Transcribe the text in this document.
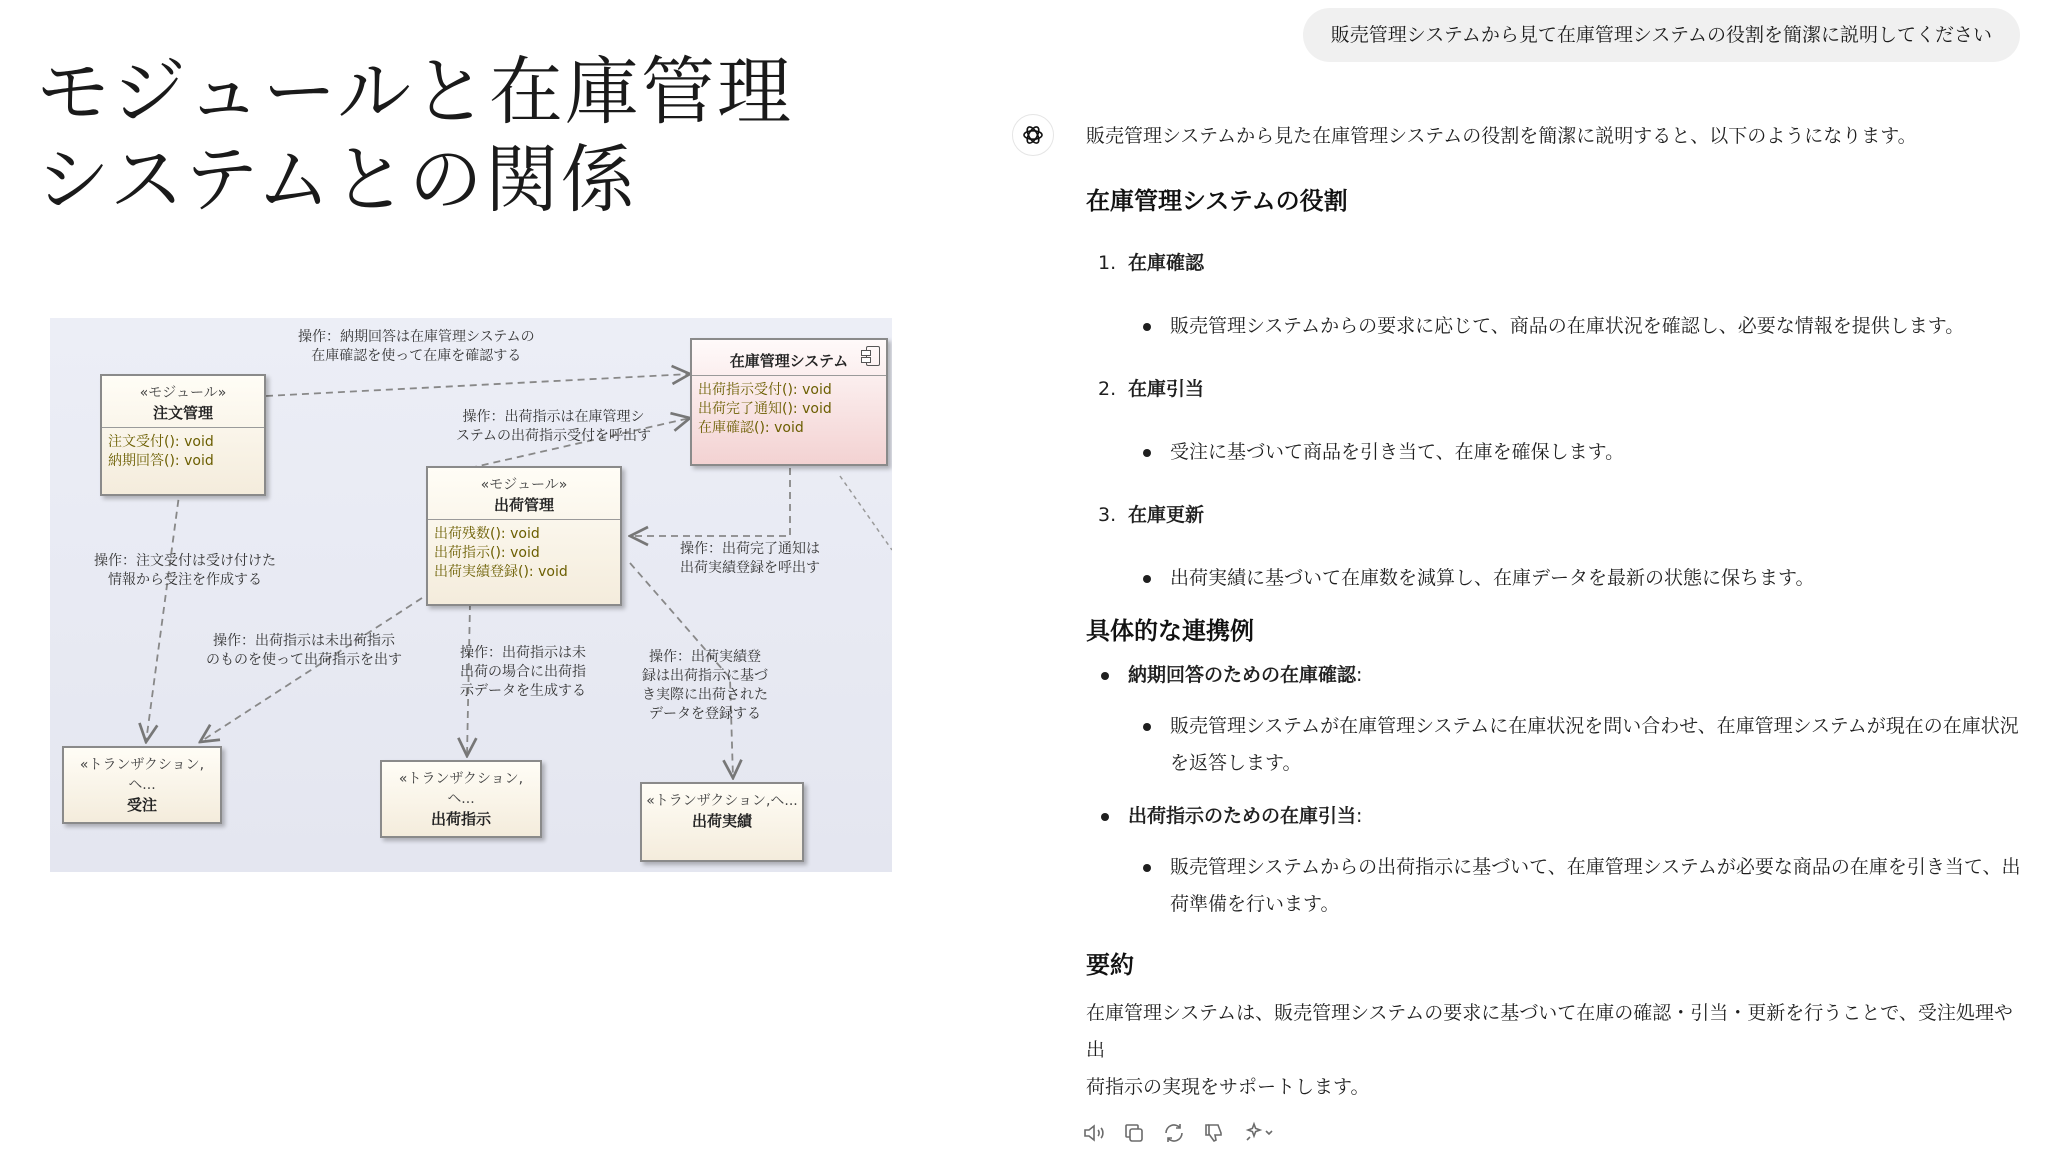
モジュールと在庫管理
システムとの関係
«モジュール»
注文管理
注文受付(): void
納期回答(): void
«モジュール»
出荷管理
出荷残数(): void
出荷指示(): void
出荷実績登録(): void
在庫管理システム
出荷指示受付(): void
出荷完了通知(): void
在庫確認(): void
«トランザクション,ヘ...
受注
«トランザクション,ヘ...
出荷指示
«トランザクション,ヘ...
出荷実績
操作：納期回答は在庫管理システムの
在庫確認を使って在庫を確認する
操作：出荷指示は在庫管理シ
ステムの出荷指示受付を呼出す
操作：出荷完了通知は
出荷実績登録を呼出す
操作：注文受付は受け付けた
情報から受注を作成する
操作：出荷指示は未出荷指示
のものを使って出荷指示を出す	操作：出荷指示は未
出荷の場合に出荷指
示データを生成する
操作：出荷実績登
録は出荷指示に基づ
き実際に出荷された
データを登録する
販売管理システムから見て在庫管理システムの役割を簡潔に説明してください

販売管理システムから見た在庫管理システムの役割を簡潔に説明すると、以下のようになります。

在庫管理システムの役割
1. 在庫確認
販売管理システムからの要求に応じて、商品の在庫状況を確認し、必要な情報を提供します。
2. 在庫引当
受注に基づいて商品を引き当て、在庫を確保します。
3. 在庫更新
出荷実績に基づいて在庫数を減算し、在庫データを最新の状態に保ちます。
具体的な連携例
納期回答のための在庫確認:
販売管理システムが在庫管理システムに在庫状況を問い合わせ、在庫管理システムが現在の在庫状況
を返答します。
出荷指示のための在庫引当:
販売管理システムからの出荷指示に基づいて、在庫管理システムが必要な商品の在庫を引き当て、出
荷準備を行います。
要約

在庫管理システムは、販売管理システムの要求に基づいて在庫の確認・引当・更新を行うことで、受注処理や出

荷指示の実現をサポートします。
